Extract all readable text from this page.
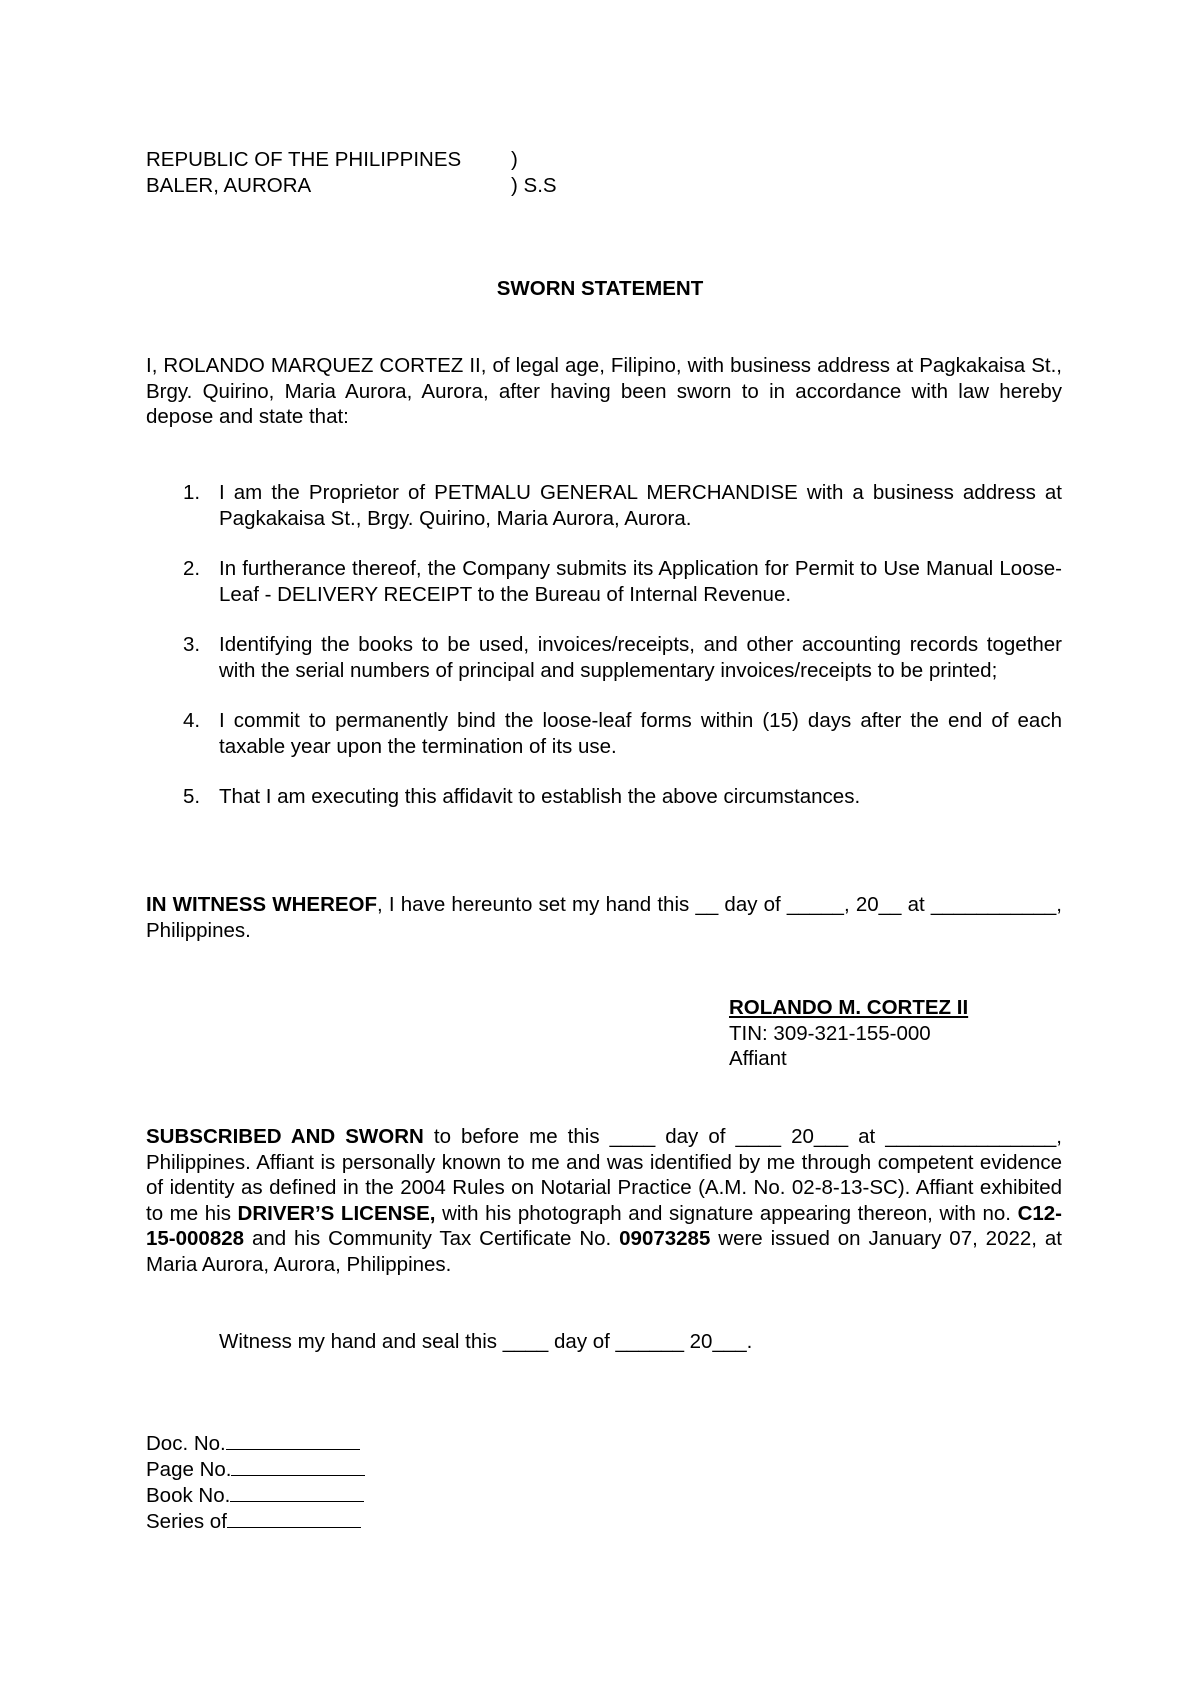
REPUBLIC OF THE PHILIPPINES )
BALER, AURORA	) S.S
SWORN STATEMENT
I, ROLANDO MARQUEZ CORTEZ II, of legal age, Filipino, with business address at Pagkakaisa St., Brgy. Quirino, Maria Aurora, Aurora, after having been sworn to in accordance with law hereby depose and state that:
1. I am the Proprietor of PETMALU GENERAL MERCHANDISE with a business address at Pagkakaisa St., Brgy. Quirino, Maria Aurora, Aurora.
2. In furtherance thereof, the Company submits its Application for Permit to Use Manual Loose-Leaf - DELIVERY RECEIPT to the Bureau of Internal Revenue.
3. Identifying the books to be used, invoices/receipts, and other accounting records together with the serial numbers of principal and supplementary invoices/receipts to be printed;
4. I commit to permanently bind the loose-leaf forms within (15) days after the end of each taxable year upon the termination of its use.
5. That I am executing this affidavit to establish the above circumstances.
IN WITNESS WHEREOF, I have hereunto set my hand this __ day of _____, 20__ at ___________, Philippines.
ROLANDO M. CORTEZ II
TIN: 309-321-155-000
Affiant
SUBSCRIBED AND SWORN to before me this ____ day of ____ 20___ at _______________, Philippines. Affiant is personally known to me and was identified by me through competent evidence of identity as defined in the 2004 Rules on Notarial Practice (A.M. No. 02-8-13-SC). Affiant exhibited to me his DRIVER’S LICENSE, with his photograph and signature appearing thereon, with no. C12-15-000828 and his Community Tax Certificate No. 09073285 were issued on January 07, 2022, at Maria Aurora, Aurora, Philippines.
Witness my hand and seal this ____ day of ______ 20___.
Doc. No.
Page No.
Book No.
Series of
